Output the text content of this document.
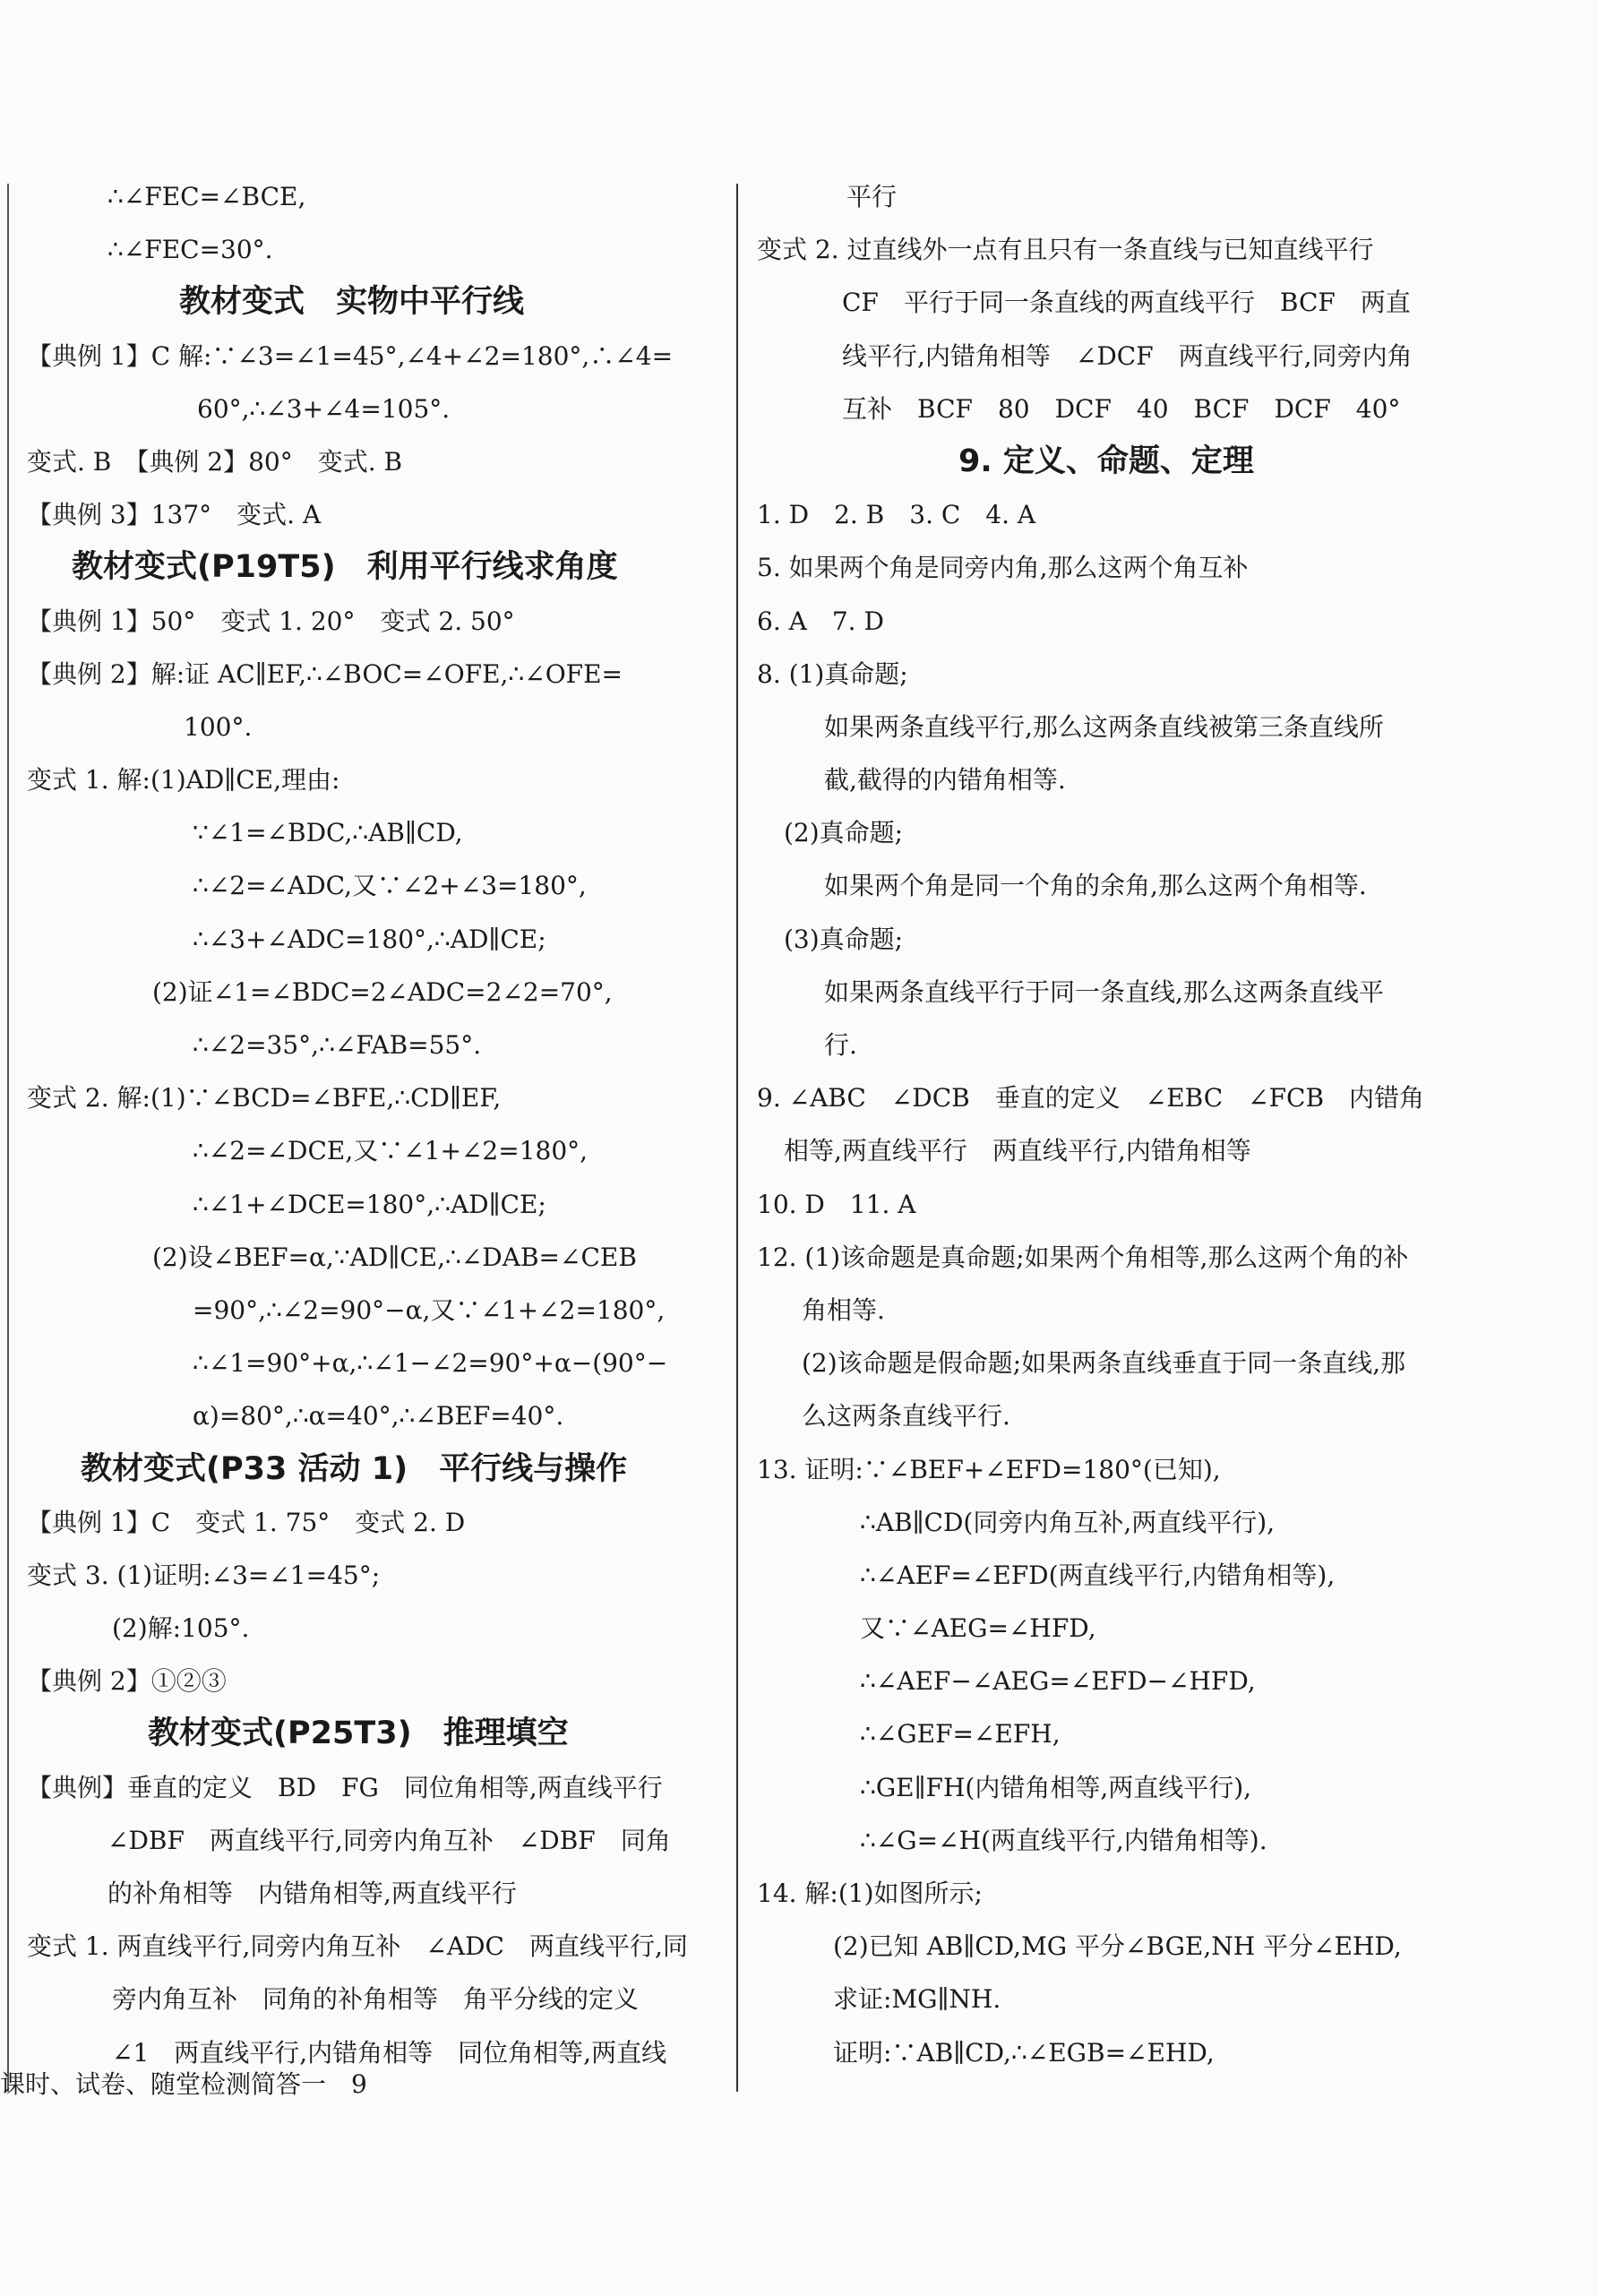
∴∠FEC=∠BCE,
∴∠FEC=30°.
教材变式　实物中平行线
【典例 1】C 解:∵∠3=∠1=45°,∠4+∠2=180°,∴∠4=
60°,∴∠3+∠4=105°.
变式. B　【典例 2】80°　变式. B
【典例 3】137°　变式. A
教材变式(P19T5)　利用平行线求角度
【典例 1】50°　变式 1. 20°　变式 2. 50°
【典例 2】解:证 AC∥EF,∴∠BOC=∠OFE,∴∠OFE=
100°.
变式 1. 解:(1)AD∥CE,理由:
∵∠1=∠BDC,∴AB∥CD,
∴∠2=∠ADC,又∵∠2+∠3=180°,
∴∠3+∠ADC=180°,∴AD∥CE;
(2)证∠1=∠BDC=2∠ADC=2∠2=70°,
∴∠2=35°,∴∠FAB=55°.
变式 2. 解:(1)∵∠BCD=∠BFE,∴CD∥EF,
∴∠2=∠DCE,又∵∠1+∠2=180°,
∴∠1+∠DCE=180°,∴AD∥CE;
(2)设∠BEF=α,∵AD∥CE,∴∠DAB=∠CEB
=90°,∴∠2=90°−α,又∵∠1+∠2=180°,
∴∠1=90°+α,∴∠1−∠2=90°+α−(90°−
α)=80°,∴α=40°,∴∠BEF=40°.
教材变式(P33 活动 1)　平行线与操作
【典例 1】C　变式 1. 75°　变式 2. D
变式 3. (1)证明:∠3=∠1=45°;
(2)解:105°.
【典例 2】①②③
教材变式(P25T3)　推理填空
【典例】垂直的定义　BD　FG　同位角相等,两直线平行
∠DBF　两直线平行,同旁内角互补　∠DBF　同角
的补角相等　内错角相等,两直线平行
变式 1. 两直线平行,同旁内角互补　∠ADC　两直线平行,同
旁内角互补　同角的补角相等　角平分线的定义
∠1　两直线平行,内错角相等　同位角相等,两直线
平行
变式 2. 过直线外一点有且只有一条直线与已知直线平行
CF　平行于同一条直线的两直线平行　BCF　两直
线平行,内错角相等　∠DCF　两直线平行,同旁内角
互补　BCF　80　DCF　40　BCF　DCF　40°
9. 定义、命题、定理
1. D　2. B　3. C　4. A
5. 如果两个角是同旁内角,那么这两个角互补
6. A　7. D
8. (1)真命题;
如果两条直线平行,那么这两条直线被第三条直线所
截,截得的内错角相等.
(2)真命题;
如果两个角是同一个角的余角,那么这两个角相等.
(3)真命题;
如果两条直线平行于同一条直线,那么这两条直线平
行.
9. ∠ABC　∠DCB　垂直的定义　∠EBC　∠FCB　内错角
相等,两直线平行　两直线平行,内错角相等
10. D　11. A
12. (1)该命题是真命题;如果两个角相等,那么这两个角的补
角相等.
(2)该命题是假命题;如果两条直线垂直于同一条直线,那
么这两条直线平行.
13. 证明:∵∠BEF+∠EFD=180°(已知),
∴AB∥CD(同旁内角互补,两直线平行),
∴∠AEF=∠EFD(两直线平行,内错角相等),
又∵∠AEG=∠HFD,
∴∠AEF−∠AEG=∠EFD−∠HFD,
∴∠GEF=∠EFH,
∴GE∥FH(内错角相等,两直线平行),
∴∠G=∠H(两直线平行,内错角相等).
14. 解:(1)如图所示;
(2)已知 AB∥CD,MG 平分∠BGE,NH 平分∠EHD,
求证:MG∥NH.
证明:∵AB∥CD,∴∠EGB=∠EHD,
课时、试卷、随堂检测简答一　9
